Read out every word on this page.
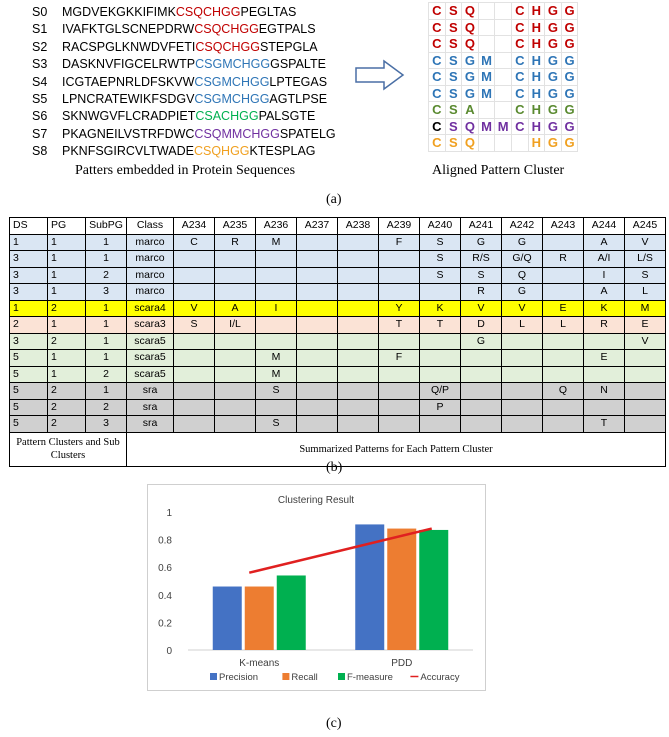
S0 MGDVEKGKKIFIMKCSQCHGGPEGLTAS
S1 IVAFKTGLSCNEPDRWCSQCHGGEGTPALS
S2 RACSPGLKNWDVFETICSQCHGGSTEPGLA
S3 DASKNVFIGCELRWTPCSGMCHGGGSPALTE
S4 ICGTAEPNRLDFSKVWCSGMCHGGLPTEGAS
S5 LPNCRATEWIKFSDGVCSGMCHGGAGTLPSE
S6 SKNWGVFLCRADPIETCSACHGGPALSGTE
S7 PKAGNEILVSTRFDWCCSQMMCHGGSPATELG
S8 PKNFSGIRCVLTWADECSQHGGKTESPLAG
Patters embedded in Protein Sequences
C	S	Q			C	H	G	G
C	S	Q			C	H	G	G
C	S	Q			C	H	G	G
C	S	G	M		C	H	G	G
C	S	G	M		C	H	G	G
C	S	G	M		C	H	G	G
C	S	A			C	H	G	G
C	S	Q	M	M	C	H	G	G
C	S	Q				H	G	G
Aligned Pattern Cluster
(a)
DS	PG	SubPG	Class	A234	A235	A236	A237	A238	A239	A240	A241	A242	A243	A244	A245
1	1	1	marco	C	R	M			F	S	G	G		A	V
3	1	1	marco							S	R/S	G/Q	R	A/I	L/S
3	1	2	marco							S	S	Q		I	S
3	1	3	marco								R	G		A	L
1	2	1	scara4	V	A	I			Y	K	V	V	E	K	M
2	1	1	scara3	S	I/L				T	T	D	L	L	R	E
3	2	1	scara5								G				V
5	1	1	scara5			M			F					E	
5	1	2	scara5			M									
5	2	1	sra			S				Q/P			Q	N	
5	2	2	sra							P					
5	2	3	sra			S								T	
Pattern Clusters and Sub Clusters			Summarized Patterns for Each Pattern Cluster												
(b)
Clustering Result
0
0.2
0.4
0.6
0.8
1
K-means	PDD
Precision	Recall	F-measure	Accuracy
(c)
